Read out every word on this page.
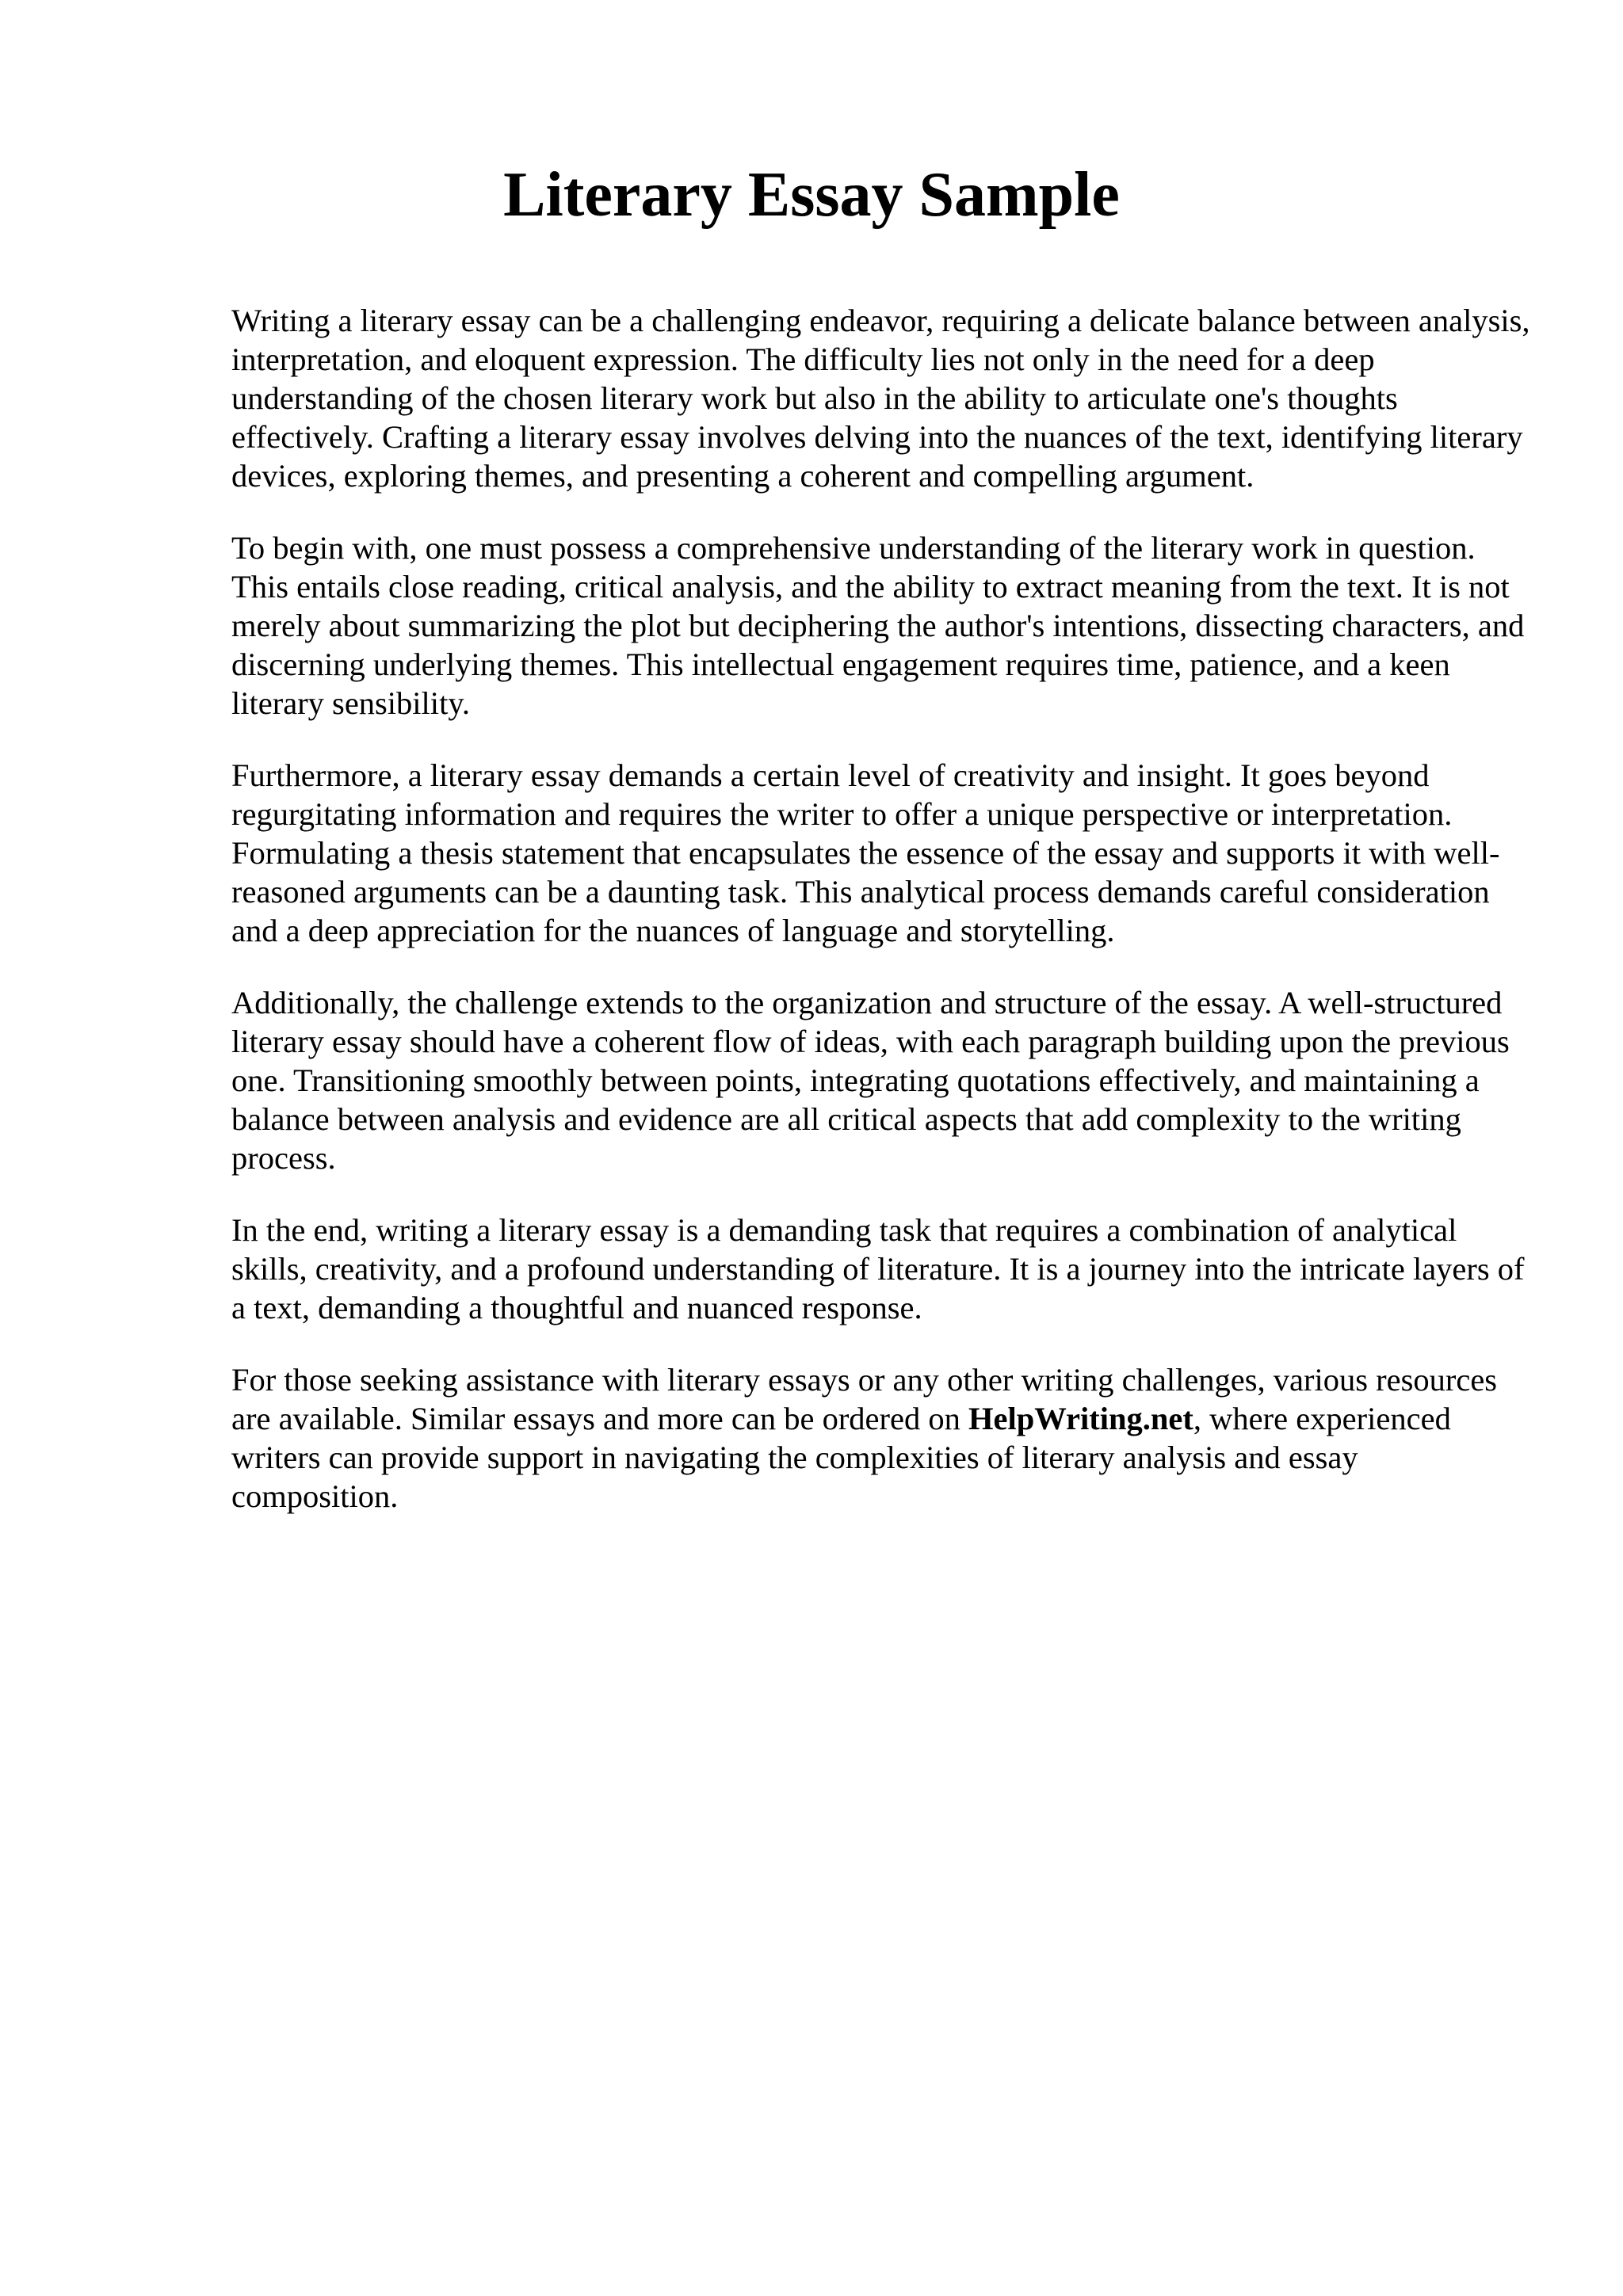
Literary Essay Sample

Writing a literary essay can be a challenging endeavor, requiring a delicate balance between analysis, interpretation, and eloquent expression. The difficulty lies not only in the need for a deep understanding of the chosen literary work but also in the ability to articulate one's thoughts effectively. Crafting a literary essay involves delving into the nuances of the text, identifying literary devices, exploring themes, and presenting a coherent and compelling argument.

To begin with, one must possess a comprehensive understanding of the literary work in question. This entails close reading, critical analysis, and the ability to extract meaning from the text. It is not merely about summarizing the plot but deciphering the author's intentions, dissecting characters, and discerning underlying themes. This intellectual engagement requires time, patience, and a keen literary sensibility.

Furthermore, a literary essay demands a certain level of creativity and insight. It goes beyond regurgitating information and requires the writer to offer a unique perspective or interpretation. Formulating a thesis statement that encapsulates the essence of the essay and supports it with well-reasoned arguments can be a daunting task. This analytical process demands careful consideration and a deep appreciation for the nuances of language and storytelling.

Additionally, the challenge extends to the organization and structure of the essay. A well-structured literary essay should have a coherent flow of ideas, with each paragraph building upon the previous one. Transitioning smoothly between points, integrating quotations effectively, and maintaining a balance between analysis and evidence are all critical aspects that add complexity to the writing process.

In the end, writing a literary essay is a demanding task that requires a combination of analytical skills, creativity, and a profound understanding of literature. It is a journey into the intricate layers of a text, demanding a thoughtful and nuanced response.

For those seeking assistance with literary essays or any other writing challenges, various resources are available. Similar essays and more can be ordered on HelpWriting.net, where experienced writers can provide support in navigating the complexities of literary analysis and essay composition.
